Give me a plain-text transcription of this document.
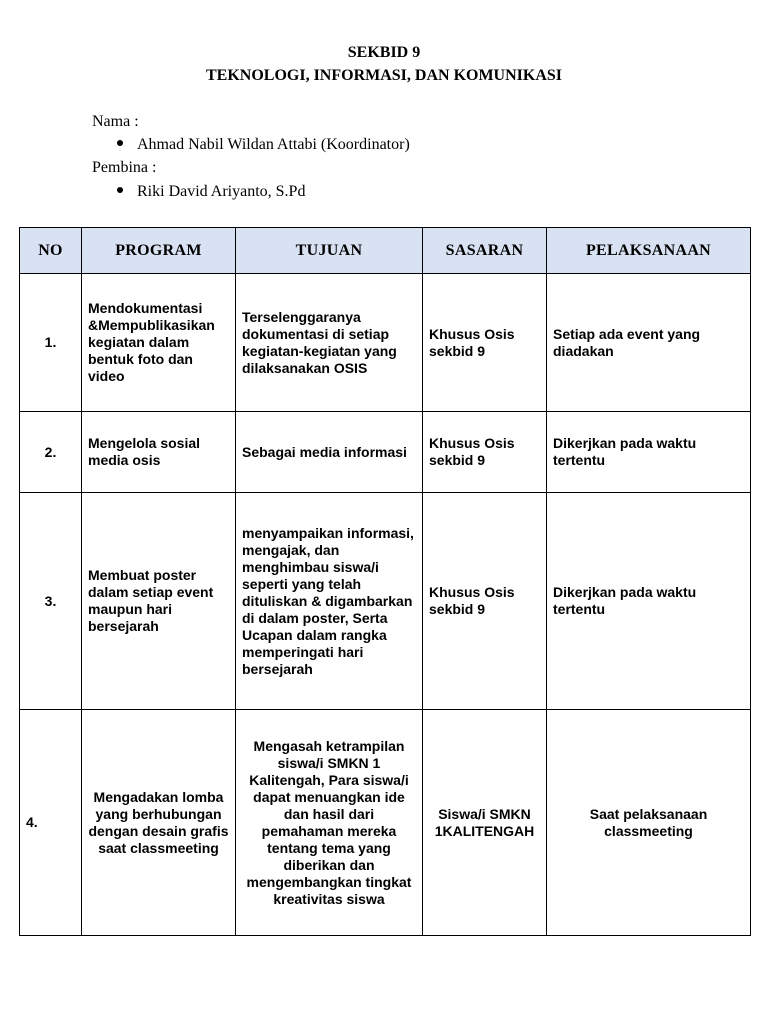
SEKBID 9
TEKNOLOGI, INFORMASI, DAN KOMUNIKASI
Nama :
Ahmad Nabil Wildan Attabi (Koordinator)
Pembina :
Riki David Ariyanto, S.Pd
NO	PROGRAM	TUJUAN	SASARAN	PELAKSANAAN
1.	Mendokumentasi &Mempublikasikan kegiatan dalam bentuk foto dan video	Terselenggaranya dokumentasi di setiap kegiatan-kegiatan yang dilaksanakan OSIS	Khusus Osis sekbid 9	Setiap ada event yang diadakan
2.	Mengelola sosial media osis	Sebagai media informasi	Khusus Osis sekbid 9	Dikerjkan pada waktu tertentu
3.	Membuat poster dalam setiap event maupun hari bersejarah	menyampaikan informasi, mengajak, dan menghimbau siswa/i seperti yang telah dituliskan & digambarkan di dalam poster, Serta Ucapan dalam rangka memperingati hari bersejarah	Khusus Osis sekbid 9	Dikerjkan pada waktu tertentu
4.	Mengadakan lomba yang berhubungan dengan desain grafis saat classmeeting	Mengasah ketrampilan siswa/i SMKN 1 Kalitengah, Para siswa/i dapat menuangkan ide dan hasil dari pemahaman mereka tentang tema yang diberikan dan mengembangkan tingkat kreativitas siswa	Siswa/i SMKN 1KALITENGAH	Saat pelaksanaan classmeeting
